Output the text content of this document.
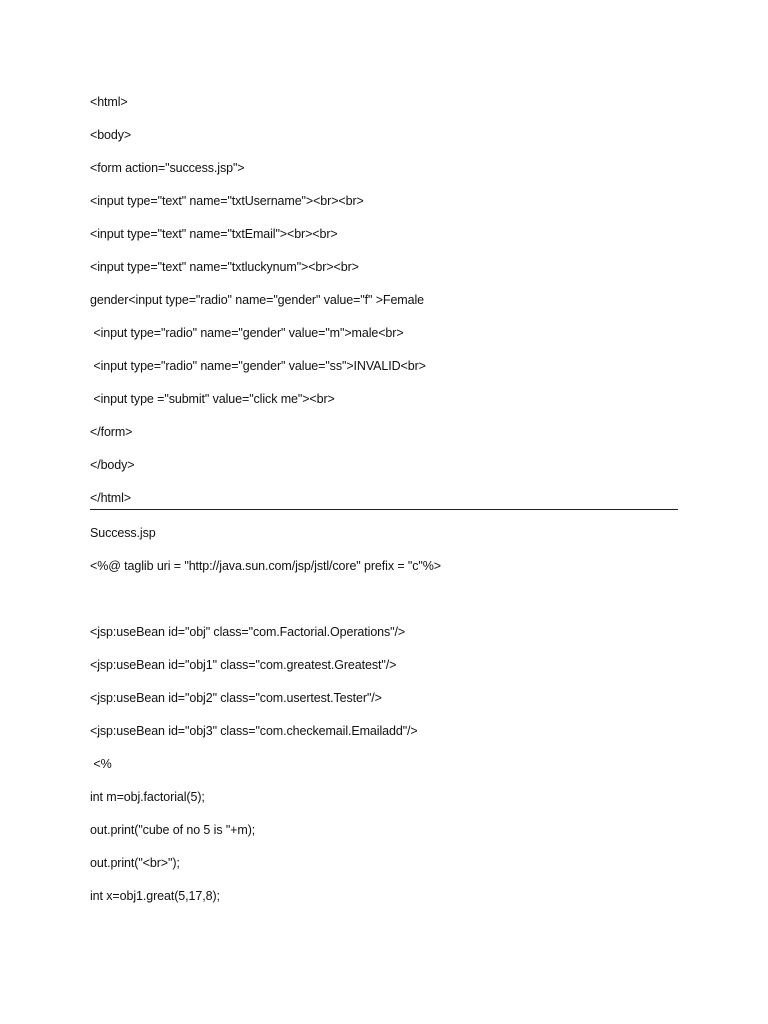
<html>
<body>
<form action="success.jsp">
<input type="text" name="txtUsername"><br><br>
<input type="text" name="txtEmail"><br><br>
<input type="text" name="txtluckynum"><br><br>
gender<input type="radio" name="gender" value="f" >Female
<input type="radio" name="gender" value="m">male<br>
<input type="radio" name="gender" value="ss">INVALID<br>
<input type ="submit" value="click me"><br>
</form>
</body>
</html>
Success.jsp
<%@ taglib uri = "http://java.sun.com/jsp/jstl/core" prefix = "c"%>
<jsp:useBean id="obj" class="com.Factorial.Operations"/>
<jsp:useBean id="obj1" class="com.greatest.Greatest"/>
<jsp:useBean id="obj2" class="com.usertest.Tester"/>
<jsp:useBean id="obj3" class="com.checkemail.Emailadd"/>
<%
int m=obj.factorial(5);
out.print("cube of no 5 is "+m);
out.print("<br>");
int x=obj1.great(5,17,8);
